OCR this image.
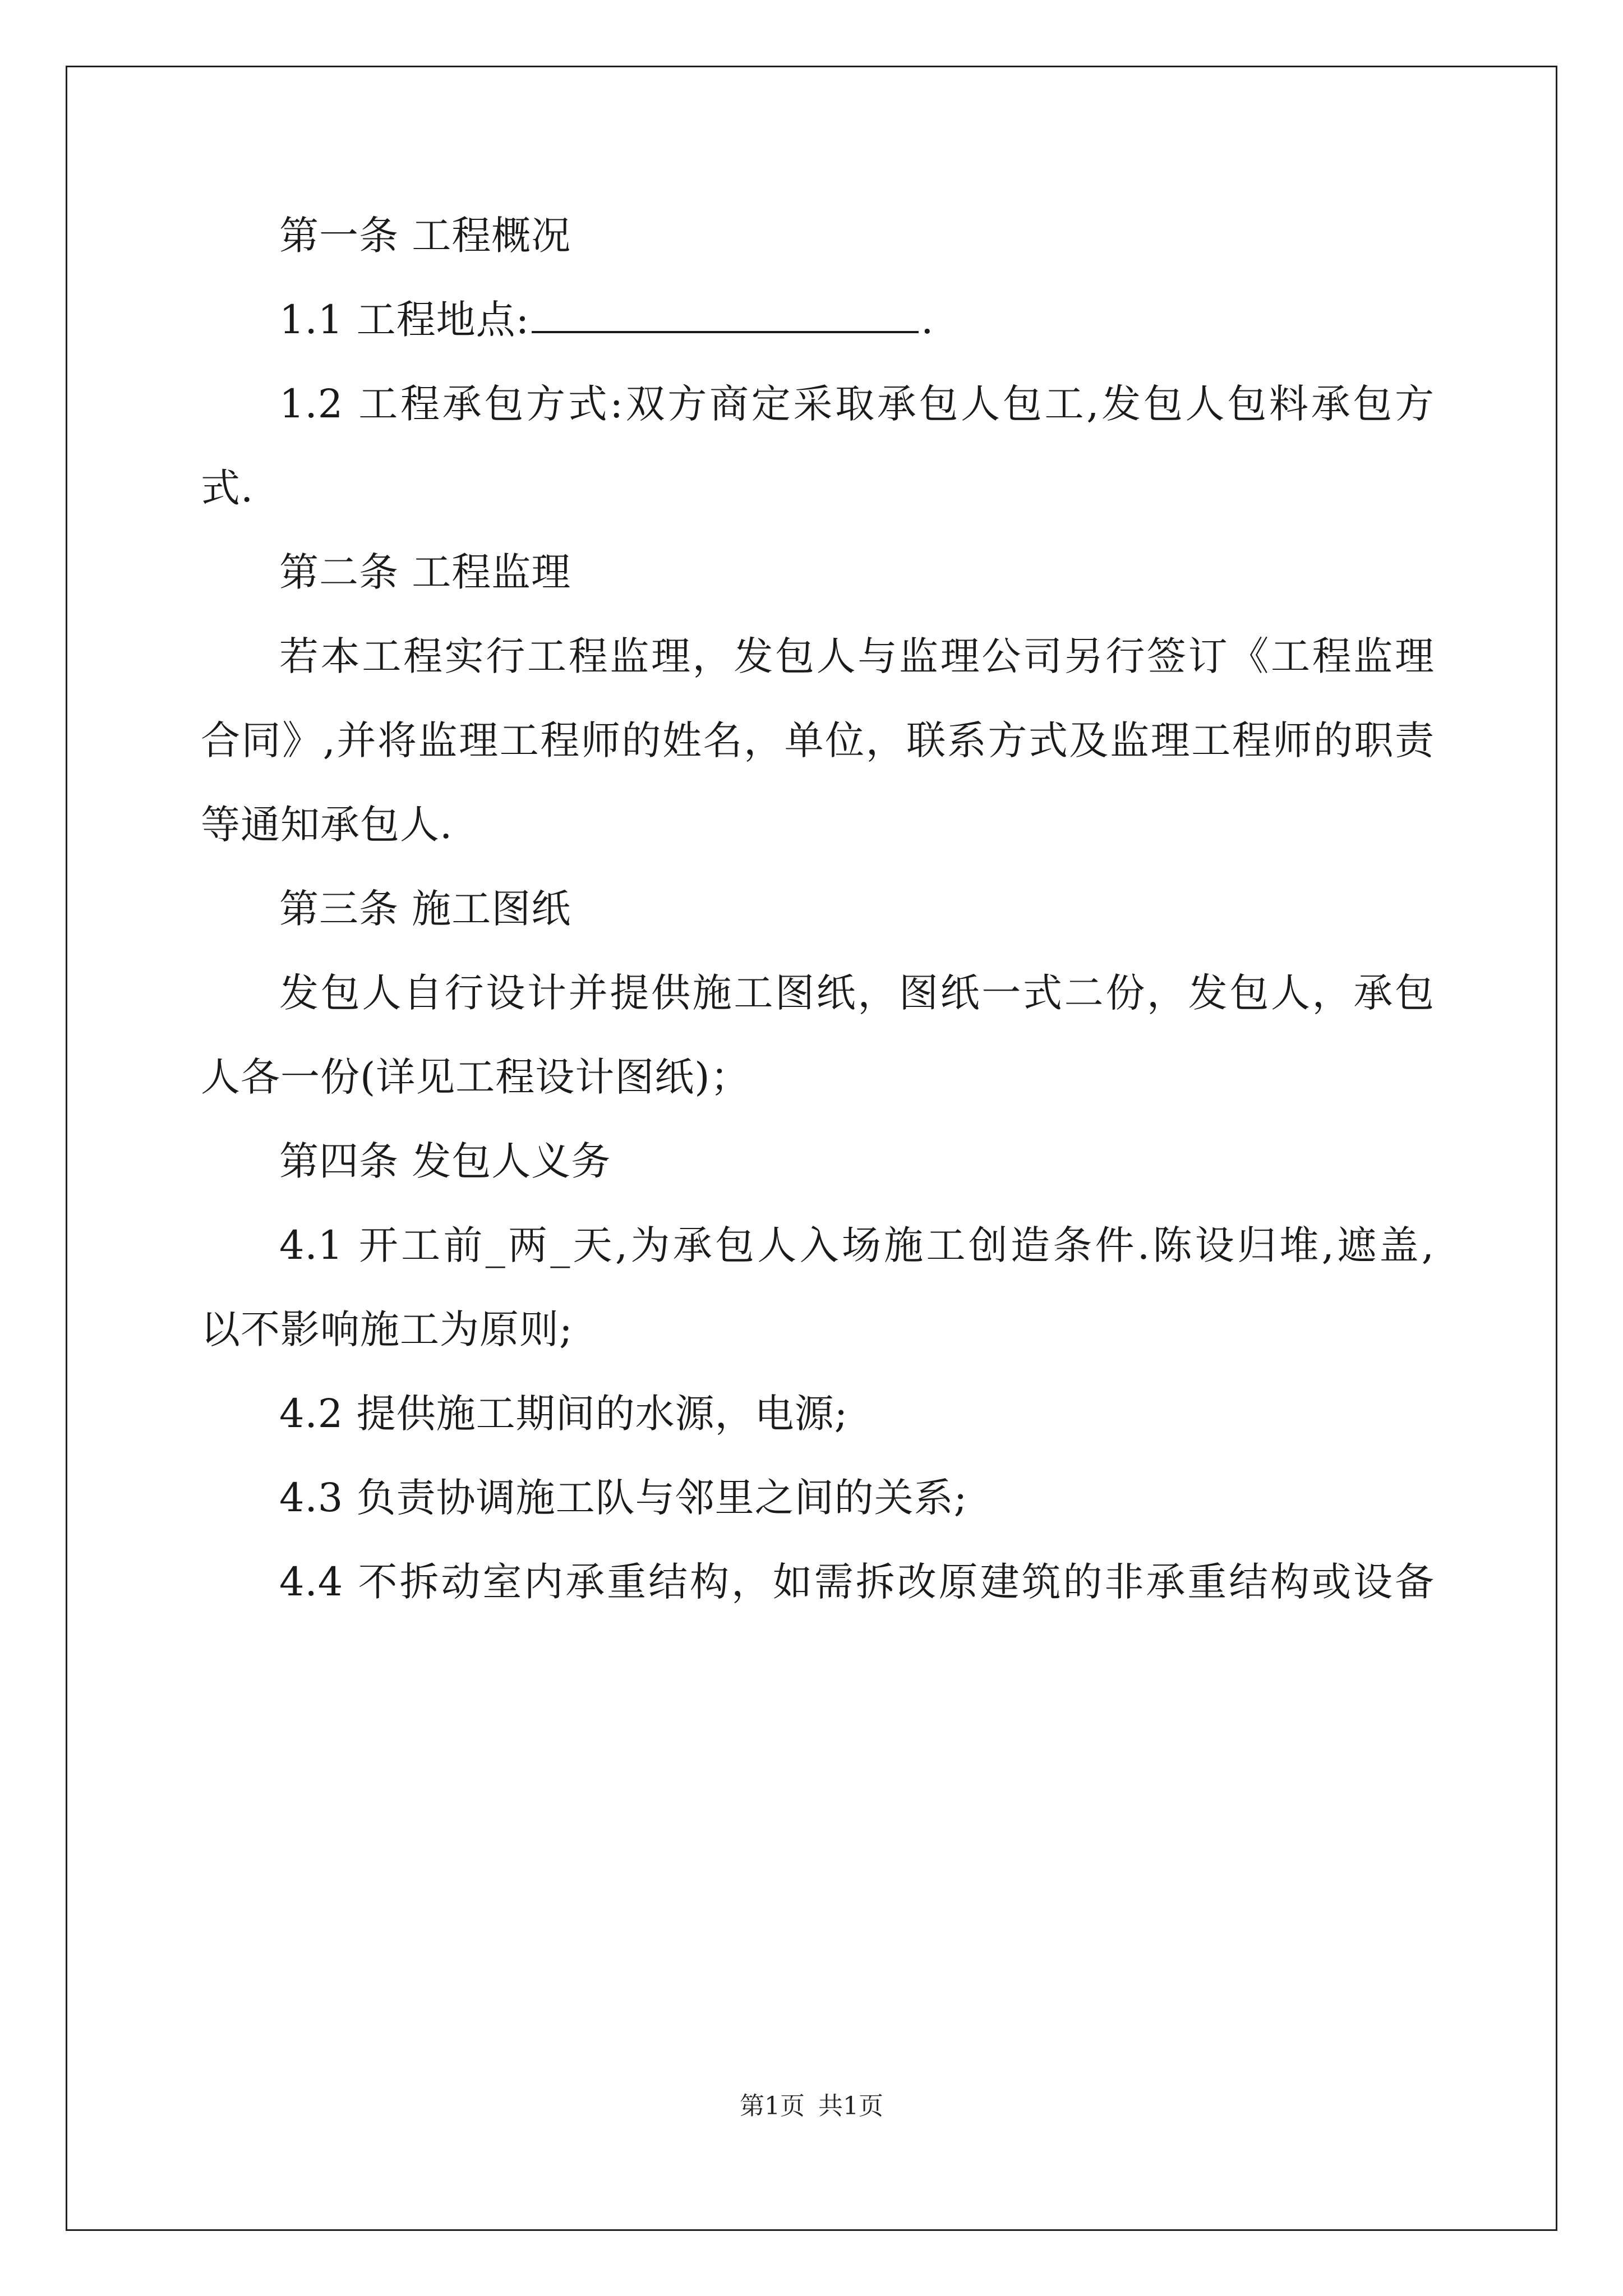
第一条 工程概况
1.1 工程地点:	.
1.2 工程承包方式:双方商定采取承包人包工,发包人包料承包方
式.
第二条 工程监理
若本工程实行工程监理，发包人与监理公司另行签订《工程监理
合同》,并将监理工程师的姓名，单位，联系方式及监理工程师的职责
等通知承包人.
第三条 施工图纸
发包人自行设计并提供施工图纸，图纸一式二份，发包人，承包
人各一份(详见工程设计图纸)；
第四条 发包人义务
4.1 开工前_两_天,为承包人入场施工创造条件.陈设归堆,遮盖,
以不影响施工为原则;
4.2 提供施工期间的水源，电源;
4.3 负责协调施工队与邻里之间的关系;
4.4 不拆动室内承重结构，如需拆改原建筑的非承重结构或设备
第1页 共1页
